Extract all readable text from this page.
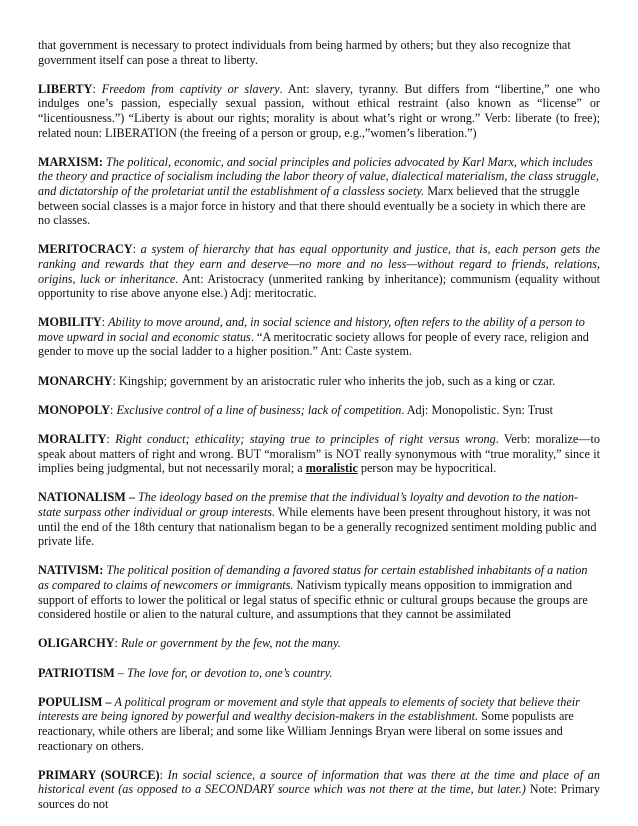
that government is necessary to protect individuals from being harmed by others; but they also recognize that government itself can pose a threat to liberty.

LIBERTY: Freedom from captivity or slavery. Ant: slavery, tyranny. But differs from “libertine,” one who indulges one’s passion, especially sexual passion, without ethical restraint (also known as “license” or “licentiousness.”) “Liberty is about our rights; morality is about what’s right or wrong.” Verb: liberate (to free); related noun: LIBERATION (the freeing of a person or group, e.g.,”women’s liberation.”)

MARXISM: The political, economic, and social principles and policies advocated by Karl Marx, which includes the theory and practice of socialism including the labor theory of value, dialectical materialism, the class struggle, and dictatorship of the proletariat until the establishment of a classless society. Marx believed that the struggle between social classes is a major force in history and that there should eventually be a society in which there are no classes.

MERITOCRACY: a system of hierarchy that has equal opportunity and justice, that is, each person gets the ranking and rewards that they earn and deserve—no more and no less—without regard to friends, relations, origins, luck or inheritance. Ant: Aristocracy (unmerited ranking by inheritance); communism (equality without opportunity to rise above anyone else.) Adj: meritocratic.

MOBILITY: Ability to move around, and, in social science and history, often refers to the ability of a person to move upward in social and economic status. “A meritocratic society allows for people of every race, religion and gender to move up the social ladder to a higher position.” Ant: Caste system.

MONARCHY: Kingship; government by an aristocratic ruler who inherits the job, such as a king or czar.

MONOPOLY: Exclusive control of a line of business; lack of competition. Adj: Monopolistic. Syn: Trust

MORALITY: Right conduct; ethicality; staying true to principles of right versus wrong. Verb: moralize—to speak about matters of right and wrong. BUT “moralism” is NOT really synonymous with “true morality,” since it implies being judgmental, but not necessarily moral; a moralistic person may be hypocritical.

NATIONALISM – The ideology based on the premise that the individual’s loyalty and devotion to the nation-state surpass other individual or group interests. While elements have been present throughout history, it was not until the end of the 18th century that nationalism began to be a generally recognized sentiment molding public and private life.

NATIVISM: The political position of demanding a favored status for certain established inhabitants of a nation as compared to claims of newcomers or immigrants. Nativism typically means opposition to immigration and support of efforts to lower the political or legal status of specific ethnic or cultural groups because the groups are considered hostile or alien to the natural culture, and assumptions that they cannot be assimilated

OLIGARCHY: Rule or government by the few, not the many.

PATRIOTISM – The love for, or devotion to, one’s country.

POPULISM – A political program or movement and style that appeals to elements of society that believe their interests are being ignored by powerful and wealthy decision-makers in the establishment. Some populists are reactionary, while others are liberal; and some like William Jennings Bryan were liberal on some issues and reactionary on others.

PRIMARY (SOURCE): In social science, a source of information that was there at the time and place of an historical event (as opposed to a SECONDARY source which was not there at the time, but later.) Note: Primary sources do not
